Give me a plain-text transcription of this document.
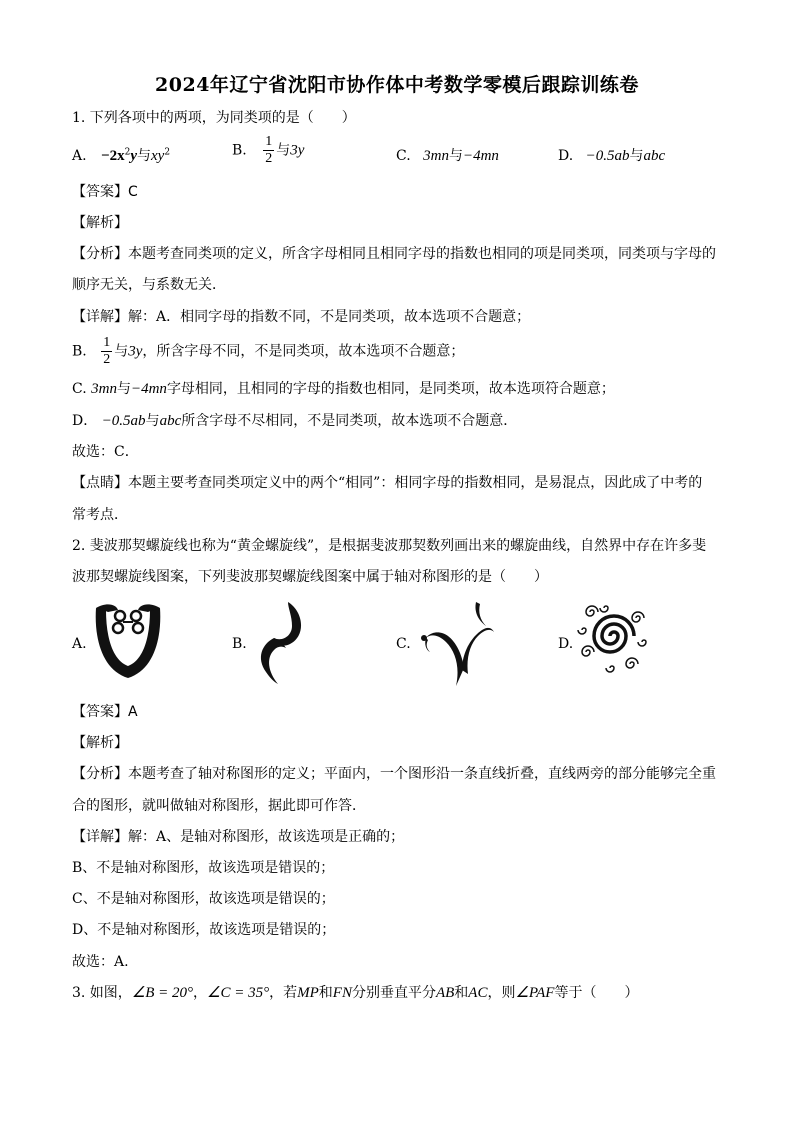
2024年辽宁省沈阳市协作体中考数学零模后跟踪训练卷
1. 下列各项中的两项，为同类项的是（　　）
A. $-2x^2y$与$xy^2$	B. $\frac{1}{2}$ 与3y	C. 3mn与−4mn	D. −0.5ab与abc
【答案】C
【解析】
【分析】本题考查同类项的定义，所含字母相同且相同字母的指数也相同的项是同类项，同类项与字母的
顺序无关，与系数无关．
【详解】解：A．相同字母的指数不同，不是同类项，故本选项不合题意；
B. $\frac{1}{2}$ 与3y，所含字母不同，不是同类项，故本选项不合题意；
C. 3mn与−4mn字母相同，且相同的字母的指数也相同，是同类项，故本选项符合题意；
D． −0.5ab与abc所含字母不尽相同，不是同类项，故本选项不合题意．
故选：C．
【点睛】本题主要考查同类项定义中的两个“相同”：相同字母的指数相同，是易混点，因此成了中考的
常考点．
2. 斐波那契螺旋线也称为“黄金螺旋线”，是根据斐波那契数列画出来的螺旋曲线，自然界中存在许多斐
波那契螺旋线图案，下列斐波那契螺旋线图案中属于轴对称图形的是（　　）
A.	B.	C.	D.
【答案】A
【解析】
【分析】本题考查了轴对称图形的定义；平面内，一个图形沿一条直线折叠，直线两旁的部分能够完全重
合的图形，就叫做轴对称图形，据此即可作答．
【详解】解：A、是轴对称图形，故该选项是正确的；
B、不是轴对称图形，故该选项是错误的；
C、不是轴对称图形，故该选项是错误的；
D、不是轴对称图形，故该选项是错误的；
故选：A.
3. 如图，∠B = 20°，∠C = 35°，若MP和FN分别垂直平分AB和AC，则∠PAF等于（　　）
